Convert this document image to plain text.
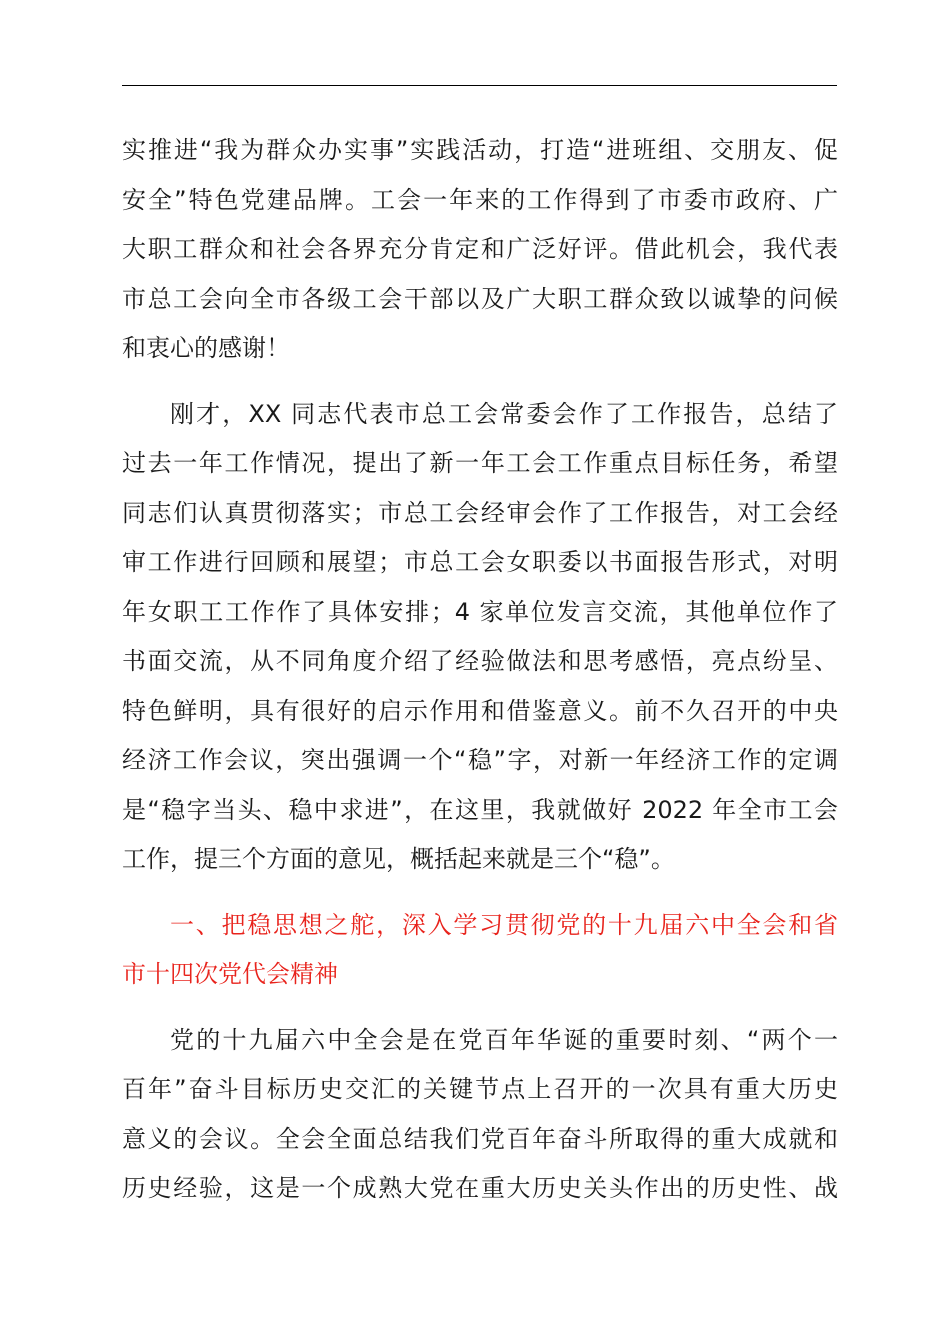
实推进“我为群众办实事”实践活动，打造“进班组、交朋友、促
安全”特色党建品牌。工会一年来的工作得到了市委市政府、广
大职工群众和社会各界充分肯定和广泛好评。借此机会，我代表
市总工会向全市各级工会干部以及广大职工群众致以诚挚的问候
和衷心的感谢！
刚才，XX 同志代表市总工会常委会作了工作报告，总结了
过去一年工作情况，提出了新一年工会工作重点目标任务，希望
同志们认真贯彻落实；市总工会经审会作了工作报告，对工会经
审工作进行回顾和展望；市总工会女职委以书面报告形式，对明
年女职工工作作了具体安排；4 家单位发言交流，其他单位作了
书面交流，从不同角度介绍了经验做法和思考感悟，亮点纷呈、
特色鲜明，具有很好的启示作用和借鉴意义。前不久召开的中央
经济工作会议，突出强调一个“稳”字，对新一年经济工作的定调
是“稳字当头、稳中求进”，在这里，我就做好 2022 年全市工会
工作，提三个方面的意见，概括起来就是三个“稳”。
一、把稳思想之舵，深入学习贯彻党的十九届六中全会和省
市十四次党代会精神
党的十九届六中全会是在党百年华诞的重要时刻、“两个一
百年”奋斗目标历史交汇的关键节点上召开的一次具有重大历史
意义的会议。全会全面总结我们党百年奋斗所取得的重大成就和
历史经验，这是一个成熟大党在重大历史关头作出的历史性、战
